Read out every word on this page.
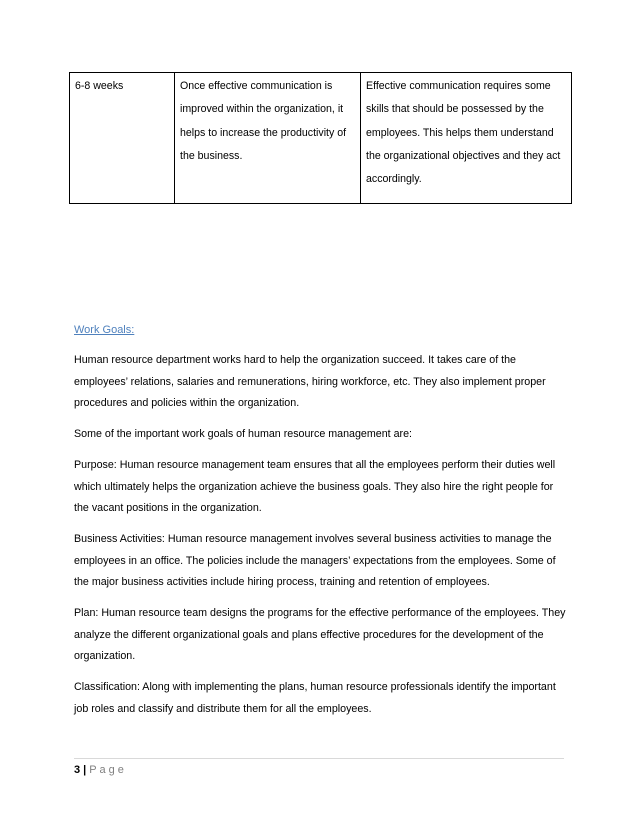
6-8 weeks	Once effective communication is improved within the organization, it helps to increase the productivity of the business.	Effective communication requires some skills that should be possessed by the employees. This helps them understand the organizational objectives and they act accordingly.
Work Goals:

Human resource department works hard to help the organization succeed. It takes care of the employees’ relations, salaries and remunerations, hiring workforce, etc. They also implement proper procedures and policies within the organization.

Some of the important work goals of human resource management are:

Purpose: Human resource management team ensures that all the employees perform their duties well which ultimately helps the organization achieve the business goals. They also hire the right people for the vacant positions in the organization.

Business Activities: Human resource management involves several business activities to manage the employees in an office. The policies include the managers’ expectations from the employees. Some of the major business activities include hiring process, training and retention of employees.

Plan: Human resource team designs the programs for the effective performance of the employees. They analyze the different organizational goals and plans effective procedures for the development of the organization.

Classification: Along with implementing the plans, human resource professionals identify the important job roles and classify and distribute them for all the employees.

3 | Page
